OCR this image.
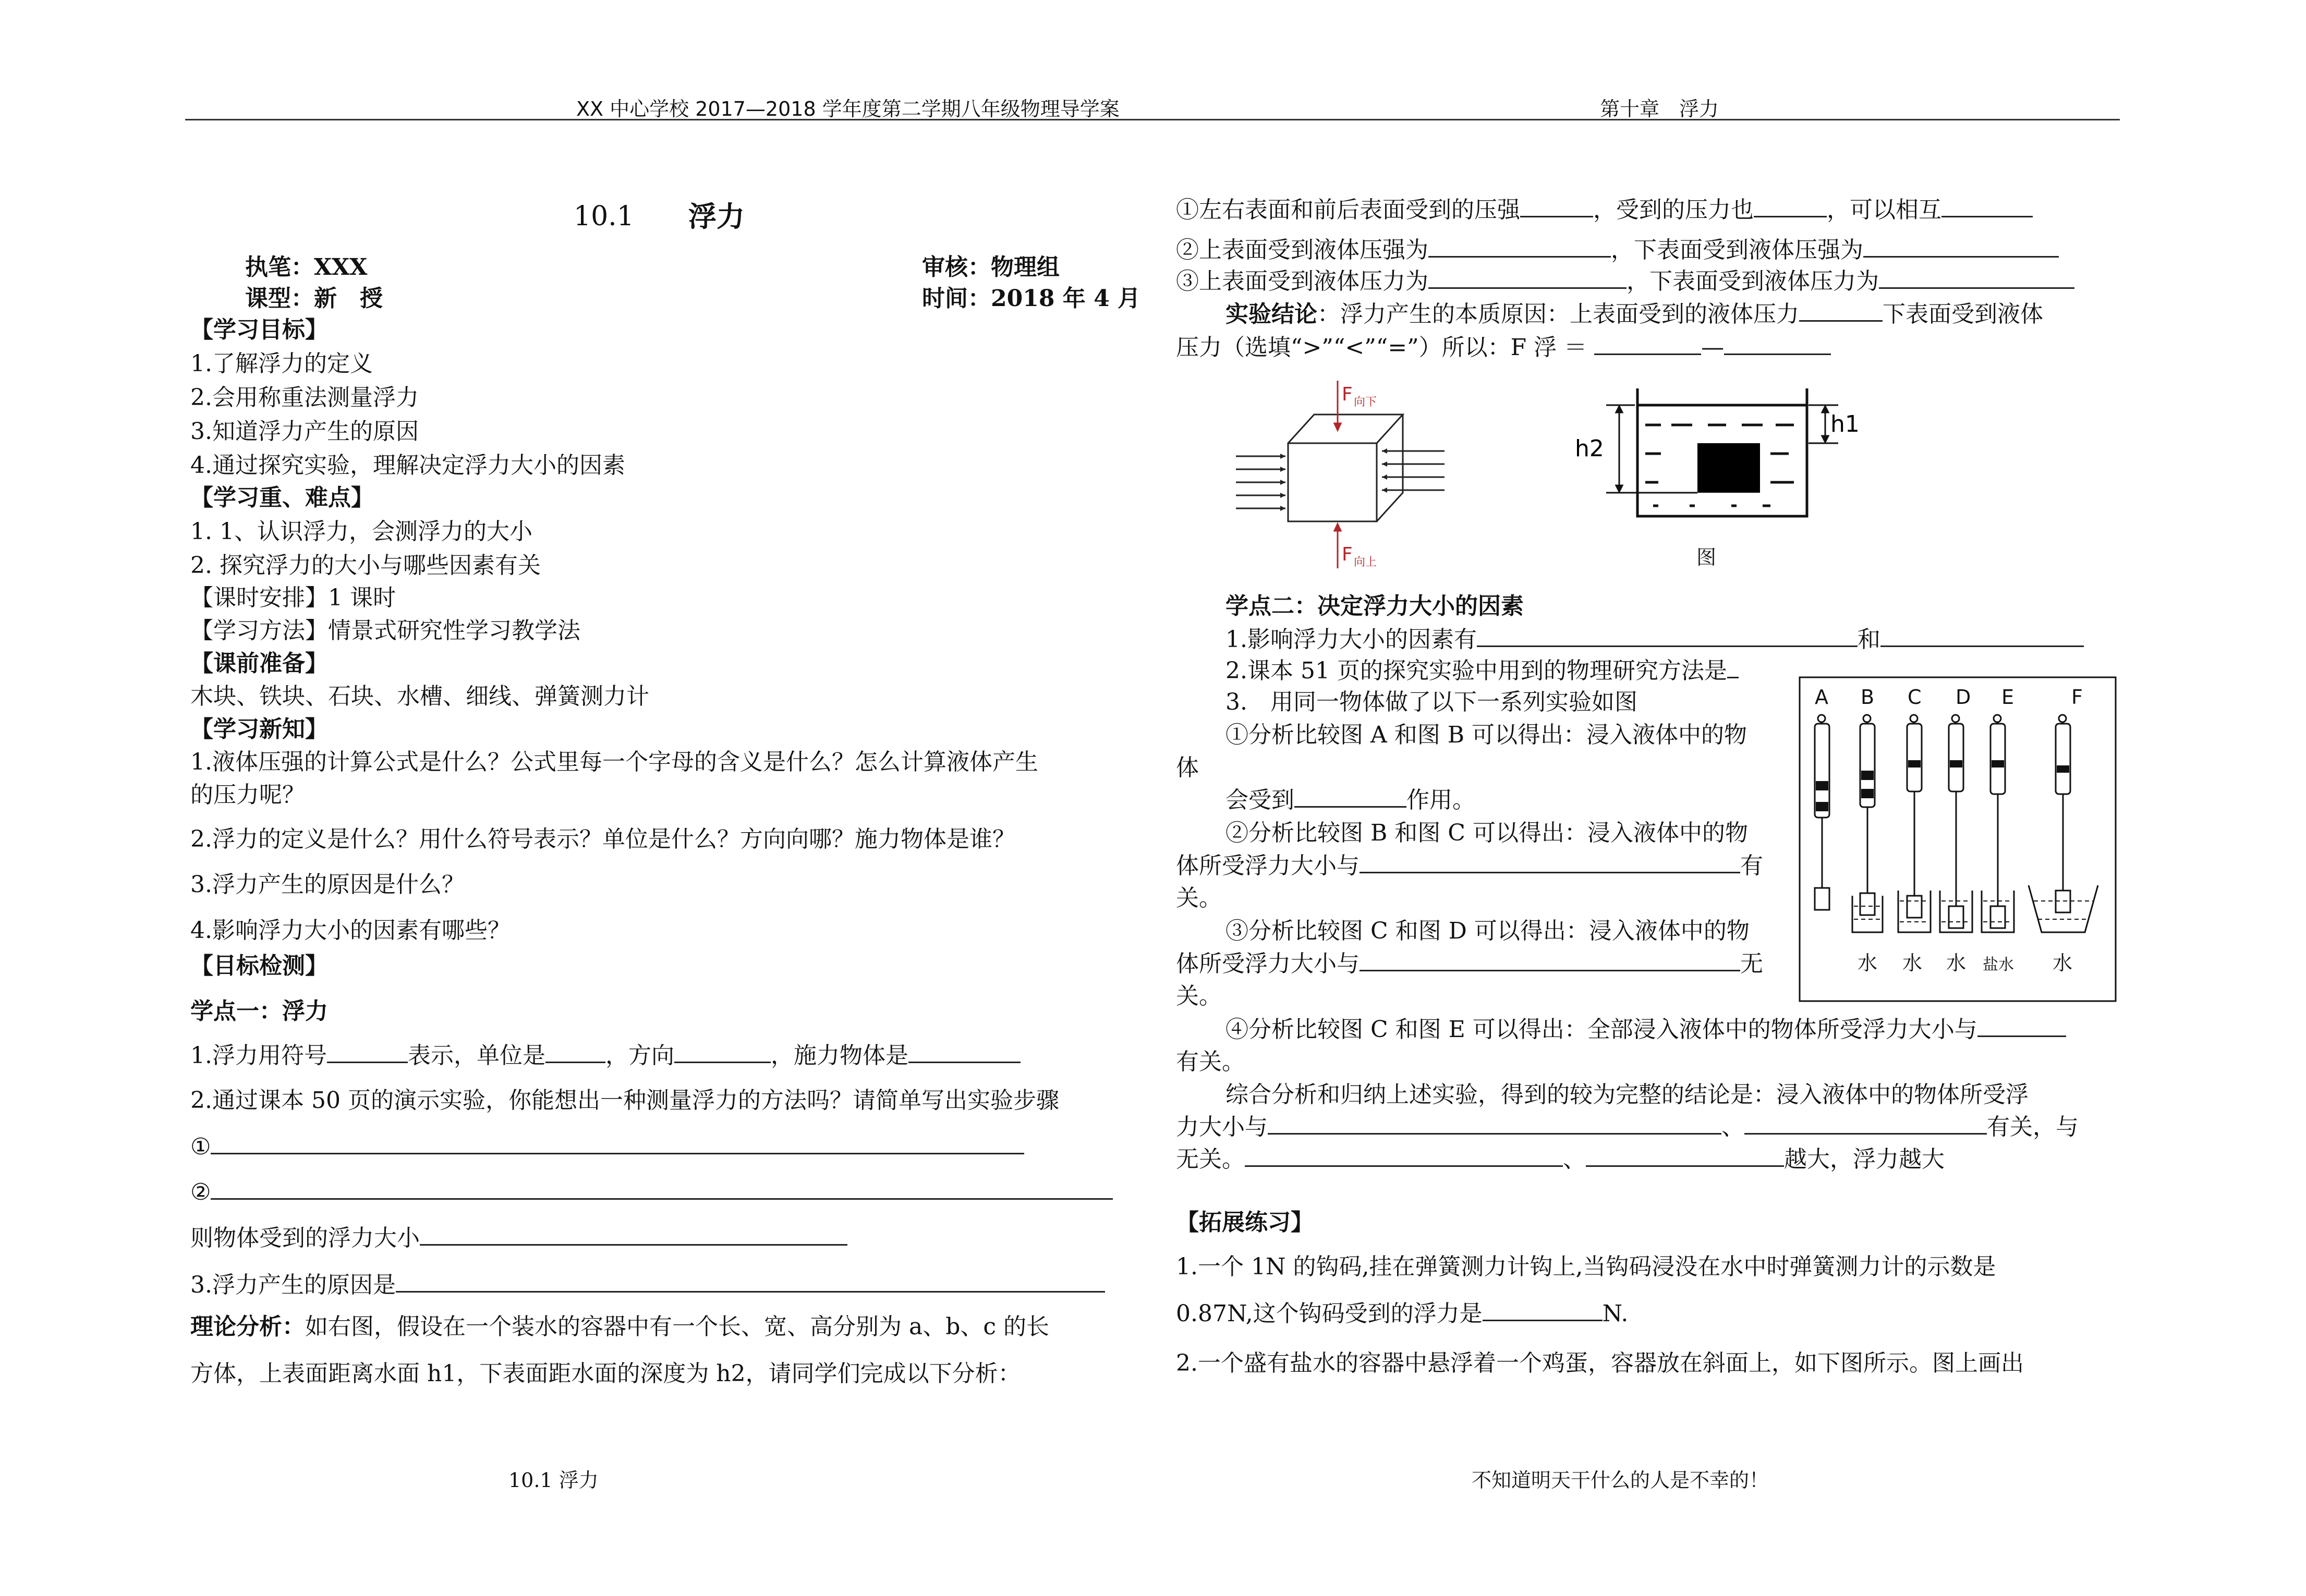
XX 中心学校 2017—2018 学年度第二学期八年级物理导学案	第十章　浮力
10.1 浮力
执笔：XXX	审核：物理组
课型：新　授	时间：2018 年 4 月
【学习目标】
1.了解浮力的定义
2.会用称重法测量浮力
3.知道浮力产生的原因
4.通过探究实验，理解决定浮力大小的因素
【学习重、难点】
1. 1、认识浮力，会测浮力的大小
2. 探究浮力的大小与哪些因素有关
【课时安排】1 课时
【学习方法】情景式研究性学习教学法
【课前准备】
木块、铁块、石块、水槽、细线、弹簧测力计
【学习新知】
1.液体压强的计算公式是什么？公式里每一个字母的含义是什么？怎么计算液体产生
的压力呢？
2.浮力的定义是什么？用什么符号表示？单位是什么？方向向哪？施力物体是谁？
3.浮力产生的原因是什么？
4.影响浮力大小的因素有哪些？
【目标检测】
学点一：浮力
1.浮力用符号	表示，单位是	，方向	，施力物体是
2.通过课本 50 页的演示实验，你能想出一种测量浮力的方法吗？请简单写出实验步骤
①
②
则物体受到的浮力大小
3.浮力产生的原因是
理论分析：如右图，假设在一个装水的容器中有一个长、宽、高分别为 a、b、c 的长
方体，上表面距离水面 h1，下表面距水面的深度为 h2，请同学们完成以下分析：
①左右表面和前后表面受到的压强	，受到的压力也	，可以相互
②上表面受到液体压强为	，下表面受到液体压强为
③上表面受到液体压力为	，下表面受到液体压力为
实验结论：浮力产生的本质原因：上表面受到的液体压力	下表面受到液体
压力（选填“>”“<”“=”）所以：F 浮 ＝	—
F 向下
F 向上
h1
h2
图
学点二：决定浮力大小的因素
1.影响浮力大小的因素有	和
2.课本 51 页的探究实验中用到的物理研究方法是
3.　用同一物体做了以下一系列实验如图
①分析比较图 A 和图 B 可以得出：浸入液体中的物
体
会受到	作用。
②分析比较图 B 和图 C 可以得出：浸入液体中的物
体所受浮力大小与	有
关。
③分析比较图 C 和图 D 可以得出：浸入液体中的物
体所受浮力大小与	无
关。
④分析比较图 C 和图 E 可以得出：全部浸入液体中的物体所受浮力大小与
有关。
综合分析和归纳上述实验，得到的较为完整的结论是：浸入液体中的物体所受浮
力大小与	、	有关，与
无关。	、	越大，浮力越大
A B C D E	F
水 水 水 盐水 水
【拓展练习】
1.一个 1N 的钩码,挂在弹簧测力计钩上,当钩码浸没在水中时弹簧测力计的示数是
0.87N,这个钩码受到的浮力是	N.
2.一个盛有盐水的容器中悬浮着一个鸡蛋，容器放在斜面上，如下图所示。图上画出
10.1 浮力	不知道明天干什么的人是不幸的！
